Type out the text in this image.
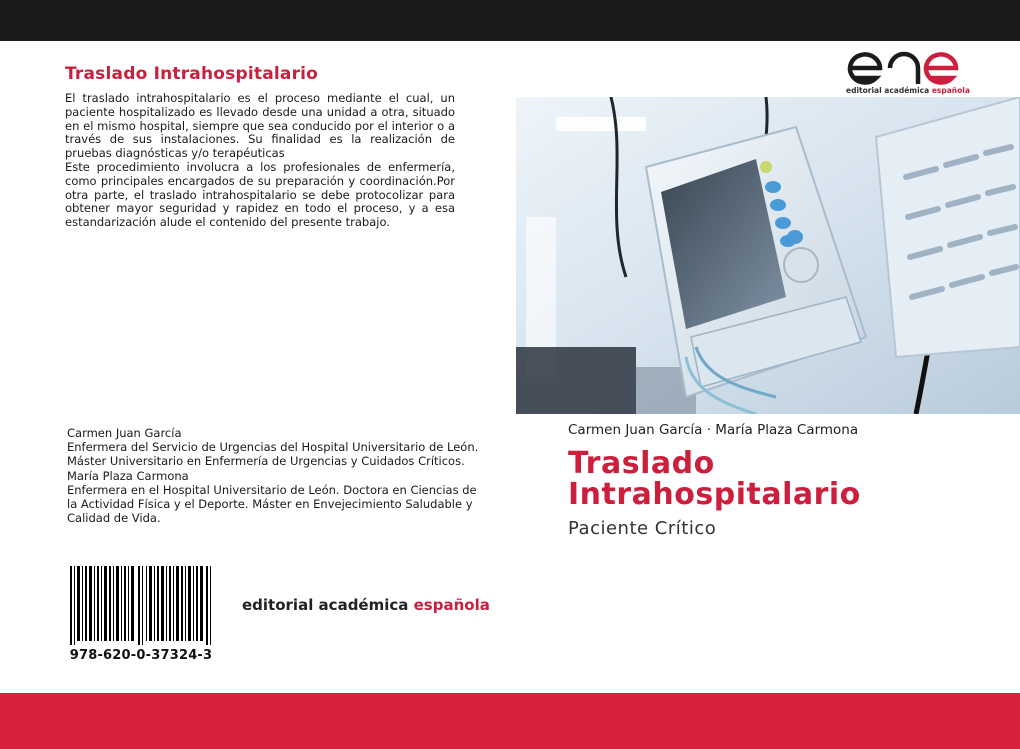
Traslado Intrahospitalario

El traslado intrahospitalario es el proceso mediante el cual, un paciente hospitalizado es llevado desde una unidad a otra, situado en el mismo hospital, siempre que sea conducido por el interior o a través de sus instalaciones. Su finalidad es la realización de pruebas diagnósticas y/o terapéuticas

Este procedimiento involucra a los profesionales de enfermería, como principales encargados de su preparación y coordinación.Por otra parte, el traslado intrahospitalario se debe protocolizar para obtener mayor seguridad y rapidez en todo el proceso, y a esa estandarización alude el contenido del presente trabajo.

Carmen Juan García
Enfermera del Servicio de Urgencias del Hospital Universitario de León.
Máster Universitario en Enfermería de Urgencias y Cuidados Críticos.
María Plaza Carmona
Enfermera en el Hospital Universitario de León. Doctora en Ciencias de
la Actividad Física y el Deporte. Máster en Envejecimiento Saludable y
Calidad de Vida.
978-620-0-37324-3
editorial académica española
editorial académica española
Carmen Juan García · María Plaza Carmona
Traslado
Intrahospitalario
Paciente Crítico
